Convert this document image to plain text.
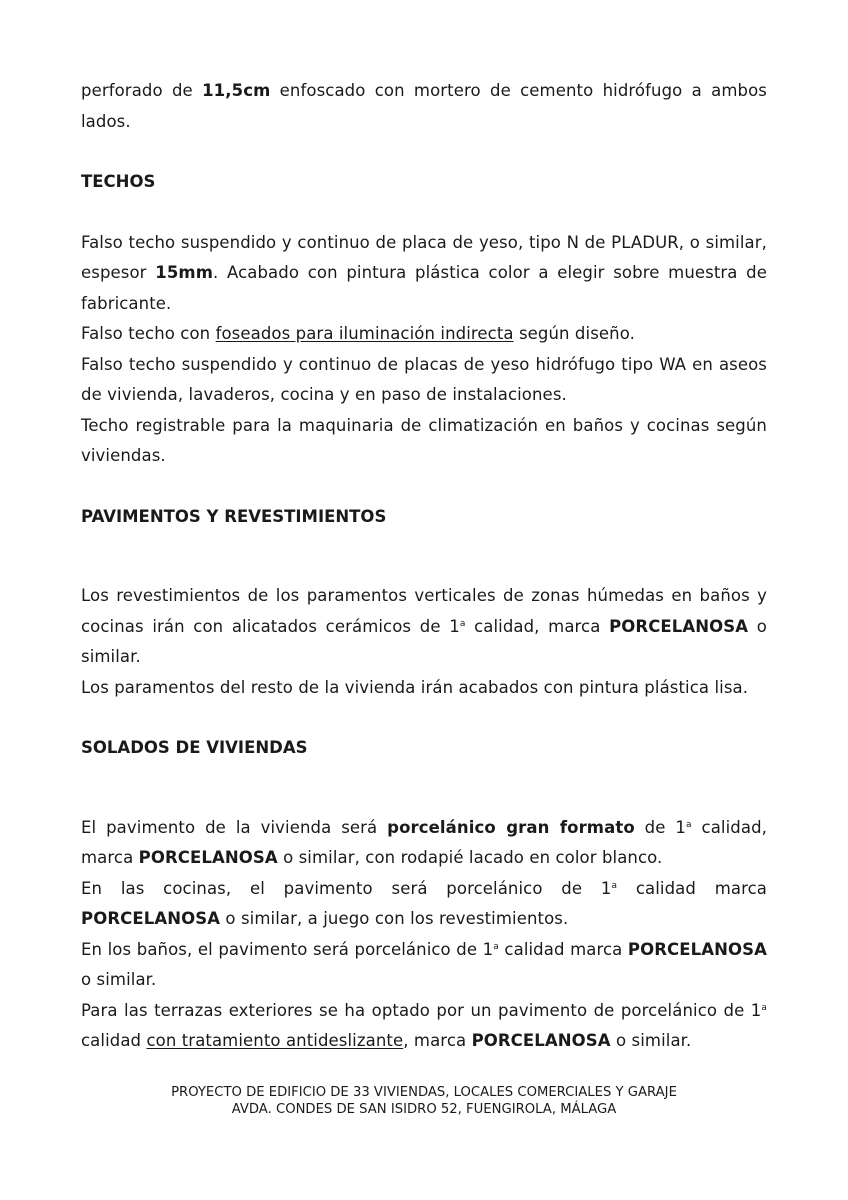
perforado de 11,5cm enfoscado con mortero de cemento hidrófugo a ambos lados.

TECHOS

Falso techo suspendido y continuo de placa de yeso, tipo N de PLADUR, o similar, espesor 15mm. Acabado con pintura plástica color a elegir sobre muestra de fabricante.

Falso techo con foseados para iluminación indirecta según diseño.

Falso techo suspendido y continuo de placas de yeso hidrófugo tipo WA en aseos de vivienda, lavaderos, cocina y en paso de instalaciones.

Techo registrable para la maquinaria de climatización en baños y cocinas según viviendas.

PAVIMENTOS Y REVESTIMIENTOS

Los revestimientos de los paramentos verticales de zonas húmedas en baños y cocinas irán con alicatados cerámicos de 1$^a$ calidad, marca PORCELANOSA o similar.

Los paramentos del resto de la vivienda irán acabados con pintura plástica lisa.

SOLADOS DE VIVIENDAS

El pavimento de la vivienda será porcelánico gran formato de 1$^a$ calidad, marca PORCELANOSA o similar, con rodapié lacado en color blanco.

En las cocinas, el pavimento será porcelánico de 1$^a$ calidad marca PORCELANOSA o similar, a juego con los revestimientos.

En los baños, el pavimento será porcelánico de 1$^a$ calidad marca PORCELANOSA o similar.

Para las terrazas exteriores se ha optado por un pavimento de porcelánico de 1$^a$ calidad con tratamiento antideslizante, marca PORCELANOSA o similar.

PROYECTO DE EDIFICIO DE 33 VIVIENDAS, LOCALES COMERCIALES Y GARAJE
AVDA. CONDES DE SAN ISIDRO 52, FUENGIROLA, MÁLAGA
